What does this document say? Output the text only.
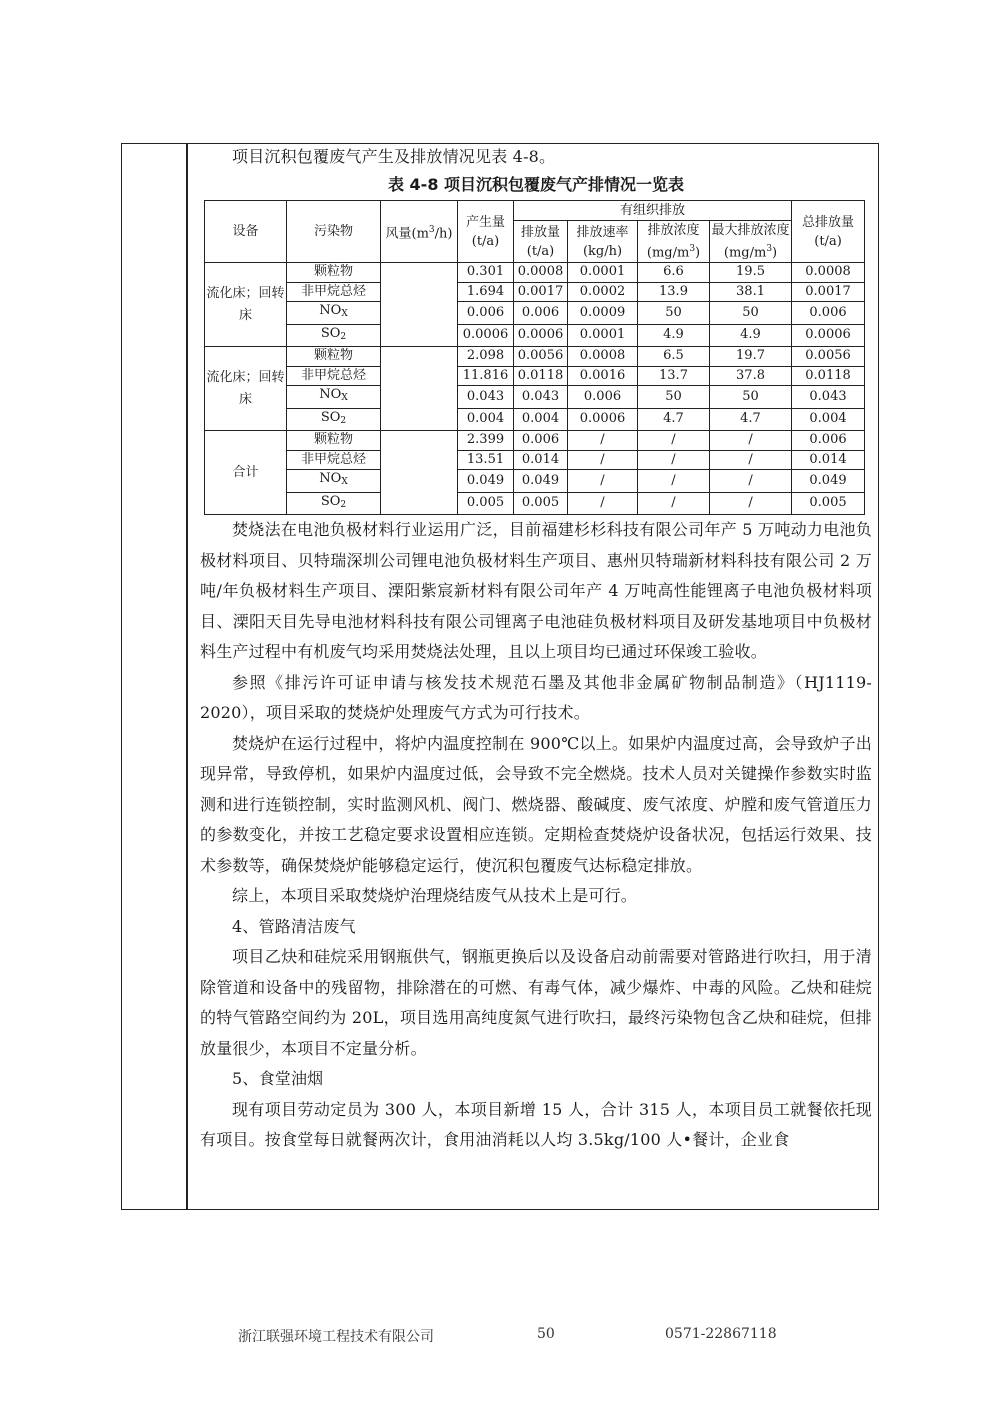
项目沉积包覆废气产生及排放情况见表 4-8。

表 4-8 项目沉积包覆废气产排情况一览表
设备	污染物	风量$(m^3/h)$	产生量(t/a)	有组织排放				总排放量(t/a)
				排放量(t/a)	排放速率(kg/h)	排放浓度$(mg/m^3)$	最大排放浓度$(mg/m^3)$	
流化床；回转床	颗粒物		0.301	0.0008	0.0001	6.6	19.5	0.0008
	非甲烷总烃		1.694	0.0017	0.0002	13.9	38.1	0.0017
	$NO_X$		0.006	0.006	0.0009	50	50	0.006
	$SO_2$		0.0006	0.0006	0.0001	4.9	4.9	0.0006
流化床；回转床	颗粒物		2.098	0.0056	0.0008	6.5	19.7	0.0056
	非甲烷总烃		11.816	0.0118	0.0016	13.7	37.8	0.0118
	$NO_X$		0.043	0.043	0.006	50	50	0.043
	$SO_2$		0.004	0.004	0.0006	4.7	4.7	0.004
合计	颗粒物		2.399	0.006	/	/	/	0.006
	非甲烷总烃		13.51	0.014	/	/	/	0.014
	$NO_X$		0.049	0.049	/	/	/	0.049
	$SO_2$		0.005	0.005	/	/	/	0.005

焚烧法在电池负极材料行业运用广泛，目前福建杉杉科技有限公司年产 5 万吨动力电池负极材料项目、贝特瑞深圳公司锂电池负极材料生产项目、惠州贝特瑞新材料科技有限公司 2 万吨/年负极材料生产项目、溧阳紫宸新材料有限公司年产 4 万吨高性能锂离子电池负极材料项目、溧阳天目先导电池材料科技有限公司锂离子电池硅负极材料项目及研发基地项目中负极材料生产过程中有机废气均采用焚烧法处理，且以上项目均已通过环保竣工验收。

参照《排污许可证申请与核发技术规范石墨及其他非金属矿物制品制造》（HJ1119-2020），项目采取的焚烧炉处理废气方式为可行技术。

焚烧炉在运行过程中，将炉内温度控制在 900℃以上。如果炉内温度过高，会导致炉子出现异常，导致停机，如果炉内温度过低，会导致不完全燃烧。技术人员对关键操作参数实时监测和进行连锁控制，实时监测风机、阀门、燃烧器、酸碱度、废气浓度、炉膛和废气管道压力的参数变化，并按工艺稳定要求设置相应连锁。定期检查焚烧炉设备状况，包括运行效果、技术参数等，确保焚烧炉能够稳定运行，使沉积包覆废气达标稳定排放。

综上，本项目采取焚烧炉治理烧结废气从技术上是可行。

4、管路清洁废气

项目乙炔和硅烷采用钢瓶供气，钢瓶更换后以及设备启动前需要对管路进行吹扫，用于清除管道和设备中的残留物，排除潜在的可燃、有毒气体，减少爆炸、中毒的风险。乙炔和硅烷的特气管路空间约为 20L，项目选用高纯度氮气进行吹扫，最终污染物包含乙炔和硅烷，但排放量很少，本项目不定量分析。

5、食堂油烟

现有项目劳动定员为 300 人，本项目新增 15 人，合计 315 人，本项目员工就餐依托现有项目。按食堂每日就餐两次计，食用油消耗以人均 3.5kg/100 人•餐计，企业食

浙江联强环境工程技术有限公司	50	0571-22867118
